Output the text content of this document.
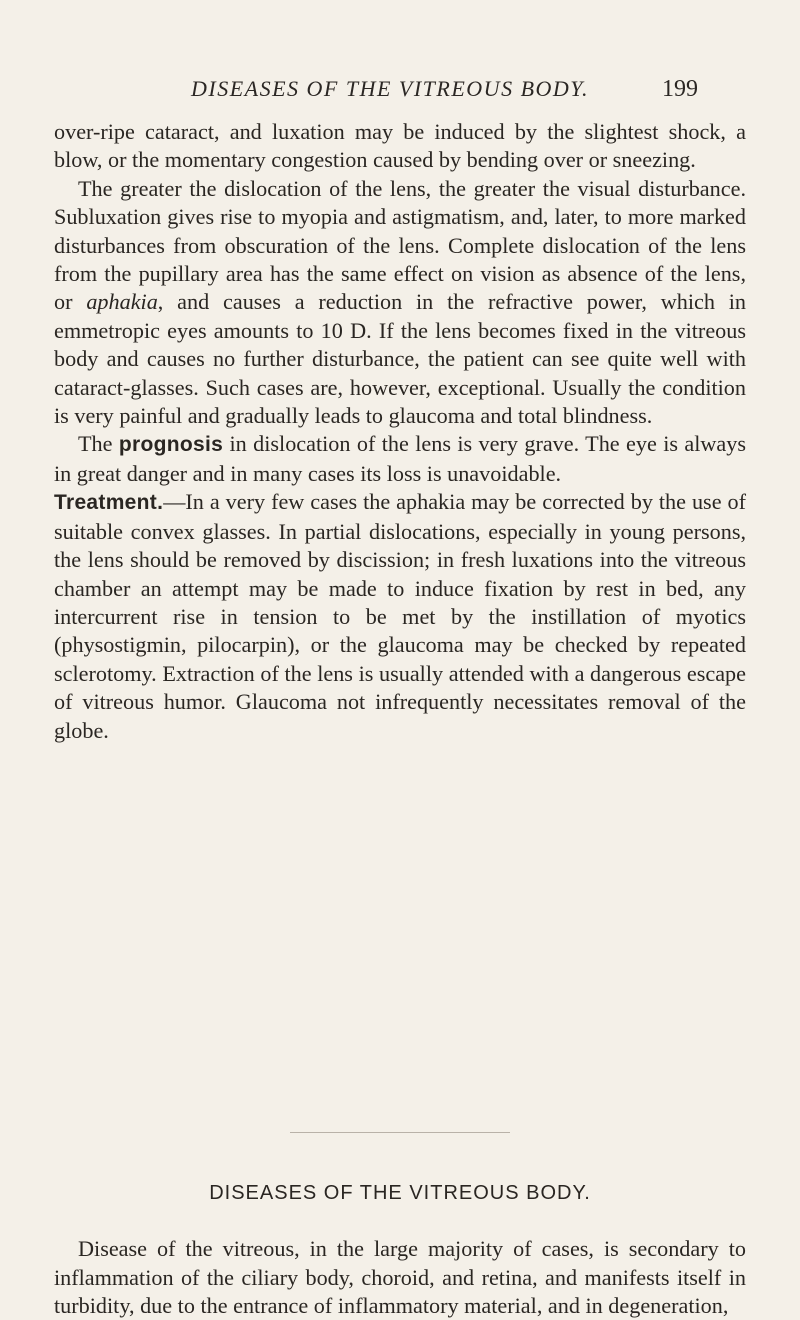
DISEASES OF THE VITREOUS BODY.	199

over-ripe cataract, and luxation may be induced by the slightest shock, a blow, or the momentary congestion caused by bending over or sneezing.

The greater the dislocation of the lens, the greater the visual disturbance. Subluxation gives rise to myopia and astigmatism, and, later, to more marked disturbances from obscuration of the lens. Complete dislocation of the lens from the pupillary area has the same effect on vision as absence of the lens, or aphakia, and causes a reduction in the refractive power, which in emmetropic eyes amounts to 10 D. If the lens becomes fixed in the vitreous body and causes no further disturbance, the patient can see quite well with cataract-glasses. Such cases are, however, exceptional. Usually the condition is very painful and gradually leads to glaucoma and total blindness.

The prognosis in dislocation of the lens is very grave. The eye is always in great danger and in many cases its loss is unavoidable.

Treatment.—In a very few cases the aphakia may be corrected by the use of suitable convex glasses. In partial dislocations, especially in young persons, the lens should be removed by discission; in fresh luxations into the vitreous chamber an attempt may be made to induce fixation by rest in bed, any intercurrent rise in tension to be met by the instillation of myotics (physostigmin, pilocarpin), or the glaucoma may be checked by repeated sclerotomy. Extraction of the lens is usually attended with a dangerous escape of vitreous humor. Glaucoma not infrequently necessitates removal of the globe.

DISEASES OF THE VITREOUS BODY.

Disease of the vitreous, in the large majority of cases, is secondary to inflammation of the ciliary body, choroid, and retina, and manifests itself in turbidity, due to the entrance of inflammatory material, and in degeneration,
